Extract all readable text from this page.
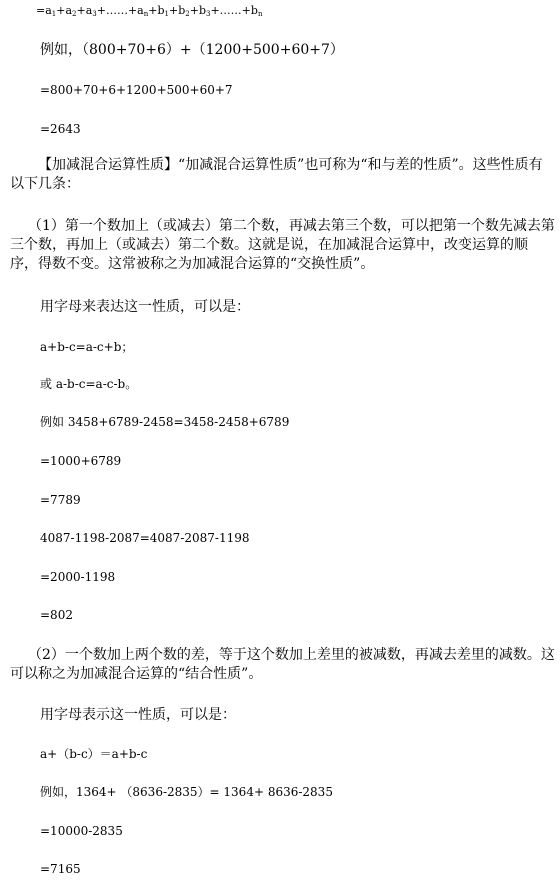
$=a_1+a_2+a_3+\dots\dots+a_n+b_1+b_2+b_3+\dots\dots+b_n$
例如，（800+70+6）+（1200+500+60+7）
=800+70+6+1200+500+60+7
=2643
【加减混合运算性质】“加减混合运算性质”也可称为“和与差的性质”。这些性质有以下几条：
（1）第一个数加上（或减去）第二个数，再减去第三个数，可以把第一个数先减去第三个数，再加上（或减去）第二个数。这就是说，在加减混合运算中，改变运算的顺序，得数不变。这常被称之为加减混合运算的“交换性质”。
用字母来表达这一性质，可以是：
a+b-c=a-c+b；
或 a-b-c=a-c-b。
例如 3458+6789-2458=3458-2458+6789
=1000+6789
=7789
4087-1198-2087=4087-2087-1198
=2000-1198
=802
（2）一个数加上两个数的差，等于这个数加上差里的被减数，再减去差里的减数。这可以称之为加减混合运算的“结合性质”。
用字母表示这一性质，可以是：
a+（b-c）＝a+b-c
例如，1364+ （8636-2835）= 1364+ 8636-2835
=10000-2835
=7165
